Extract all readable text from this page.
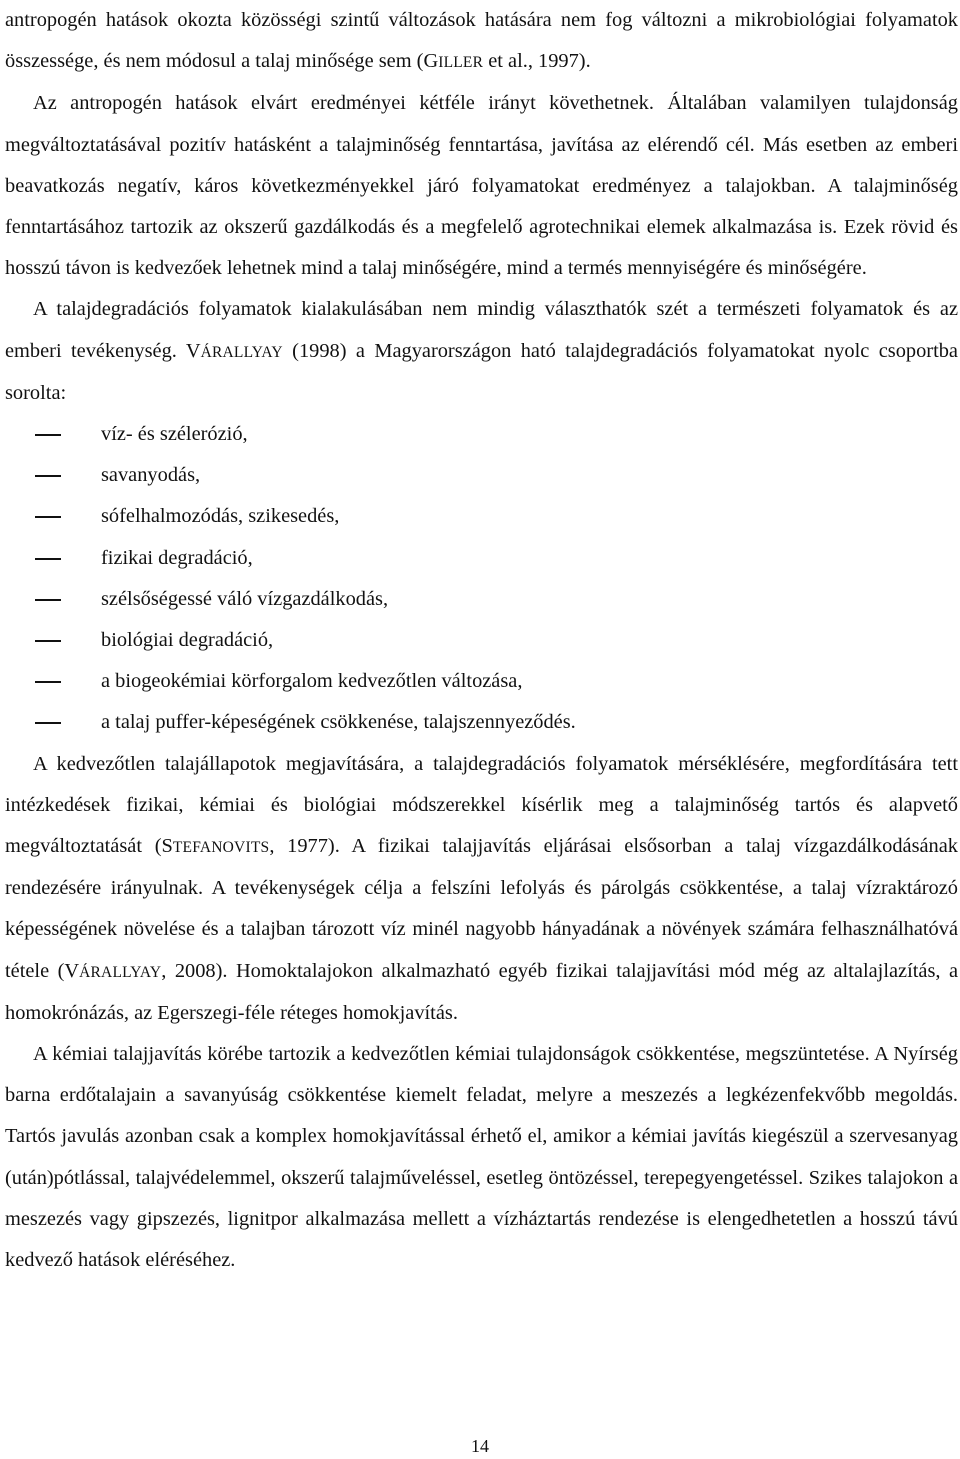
antropogén hatások okozta közösségi szintű változások hatására nem fog változni a mikrobiológiai folyamatok összessége, és nem módosul a talaj minősége sem (GILLER et al., 1997).

Az antropogén hatások elvárt eredményei kétféle irányt követhetnek. Általában valamilyen tulajdonság megváltoztatásával pozitív hatásként a talajminőség fenntartása, javítása az elérendő cél. Más esetben az emberi beavatkozás negatív, káros következményekkel járó folyamatokat eredményez a talajokban. A talajminőség fenntartásához tartozik az okszerű gazdálkodás és a megfelelő agrotechnikai elemek alkalmazása is. Ezek rövid és hosszú távon is kedvezőek lehetnek mind a talaj minőségére, mind a termés mennyiségére és minőségére.

A talajdegradációs folyamatok kialakulásában nem mindig választhatók szét a természeti folyamatok és az emberi tevékenység. VÁRALLYAY (1998) a Magyarországon ható talajdegradációs folyamatokat nyolc csoportba sorolta:

víz- és szélerózió,
savanyodás,
sófelhalmozódás, szikesedés,
fizikai degradáció,
szélsőségessé váló vízgazdálkodás,
biológiai degradáció,
a biogeokémiai körforgalom kedvezőtlen változása,
a talaj puffer-képeségének csökkenése, talajszennyeződés.

A kedvezőtlen talajállapotok megjavítására, a talajdegradációs folyamatok mérséklésére, megfordítására tett intézkedések fizikai, kémiai és biológiai módszerekkel kísérlik meg a talajminőség tartós és alapvető megváltoztatását (STEFANOVITS, 1977). A fizikai talajjavítás eljárásai elsősorban a talaj vízgazdálkodásának rendezésére irányulnak. A tevékenységek célja a felszíni lefolyás és párolgás csökkentése, a talaj vízraktározó képességének növelése és a talajban tározott víz minél nagyobb hányadának a növények számára felhasználhatóvá tétele (VÁRALLYAY, 2008). Homoktalajokon alkalmazható egyéb fizikai talajjavítási mód még az altalajlazítás, a homokrónázás, az Egerszegi-féle réteges homokjavítás.

A kémiai talajjavítás körébe tartozik a kedvezőtlen kémiai tulajdonságok csökkentése, megszüntetése. A Nyírség barna erdőtalajain a savanyúság csökkentése kiemelt feladat, melyre a meszezés a legkézenfekvőbb megoldás. Tartós javulás azonban csak a komplex homokjavítással érhető el, amikor a kémiai javítás kiegészül a szervesanyag (után)pótlással, talajvédelemmel, okszerű talajműveléssel, esetleg öntözéssel, terepegyengetéssel. Szikes talajokon a meszezés vagy gipszezés, lignitpor alkalmazása mellett a vízháztartás rendezése is elengedhetetlen a hosszú távú kedvező hatások eléréséhez.

14
